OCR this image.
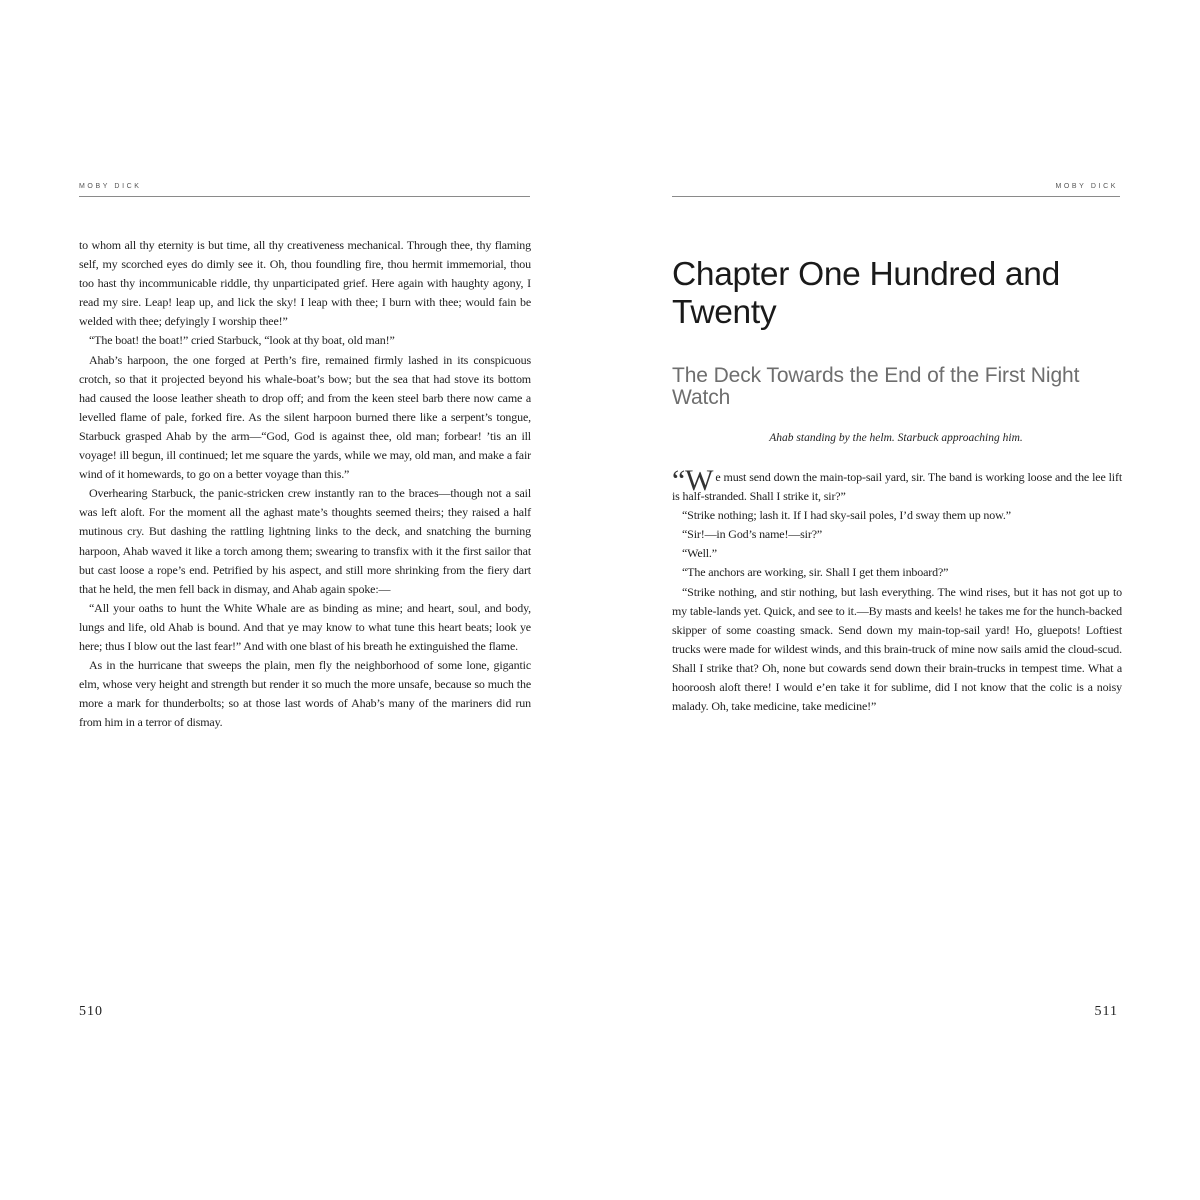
MOBY DICK

to whom all thy eternity is but time, all thy creativeness mechanical. Through thee, thy flaming self, my scorched eyes do dimly see it. Oh, thou foundling fire, thou hermit immemorial, thou too hast thy incommunicable riddle, thy unparticipated grief. Here again with haughty agony, I read my sire. Leap! leap up, and lick the sky! I leap with thee; I burn with thee; would fain be welded with thee; defyingly I worship thee!”

“The boat! the boat!” cried Starbuck, “look at thy boat, old man!”

Ahab’s harpoon, the one forged at Perth’s fire, remained firmly lashed in its conspicuous crotch, so that it projected beyond his whale-boat’s bow; but the sea that had stove its bottom had caused the loose leather sheath to drop off; and from the keen steel barb there now came a levelled flame of pale, forked fire. As the silent harpoon burned there like a serpent’s tongue, Starbuck grasped Ahab by the arm—“God, God is against thee, old man; forbear! ’tis an ill voyage! ill begun, ill continued; let me square the yards, while we may, old man, and make a fair wind of it homewards, to go on a better voyage than this.”

Overhearing Starbuck, the panic-stricken crew instantly ran to the braces—though not a sail was left aloft. For the moment all the aghast mate’s thoughts seemed theirs; they raised a half mutinous cry. But dashing the rattling lightning links to the deck, and snatching the burning harpoon, Ahab waved it like a torch among them; swearing to transfix with it the first sailor that but cast loose a rope’s end. Petrified by his aspect, and still more shrinking from the fiery dart that he held, the men fell back in dismay, and Ahab again spoke:—

“All your oaths to hunt the White Whale are as binding as mine; and heart, soul, and body, lungs and life, old Ahab is bound. And that ye may know to what tune this heart beats; look ye here; thus I blow out the last fear!” And with one blast of his breath he extinguished the flame.

As in the hurricane that sweeps the plain, men fly the neighborhood of some lone, gigantic elm, whose very height and strength but render it so much the more unsafe, because so much the more a mark for thunderbolts; so at those last words of Ahab’s many of the mariners did run from him in a terror of dismay.

510
MOBY DICK
Chapter One Hundred and Twenty
The Deck Towards the End of the First Night Watch

Ahab standing by the helm. Starbuck approaching him.

“We must send down the main-top-sail yard, sir. The band is working loose and the lee lift is half-stranded. Shall I strike it, sir?”

“Strike nothing; lash it. If I had sky-sail poles, I’d sway them up now.”

“Sir!—in God’s name!—sir?”

“Well.”

“The anchors are working, sir. Shall I get them inboard?”

“Strike nothing, and stir nothing, but lash everything. The wind rises, but it has not got up to my table-lands yet. Quick, and see to it.—By masts and keels! he takes me for the hunch-backed skipper of some coasting smack. Send down my main-top-sail yard! Ho, gluepots! Loftiest trucks were made for wildest winds, and this brain-truck of mine now sails amid the cloud-scud. Shall I strike that? Oh, none but cowards send down their brain-trucks in tempest time. What a hooroosh aloft there! I would e’en take it for sublime, did I not know that the colic is a noisy malady. Oh, take medicine, take medicine!”

511
